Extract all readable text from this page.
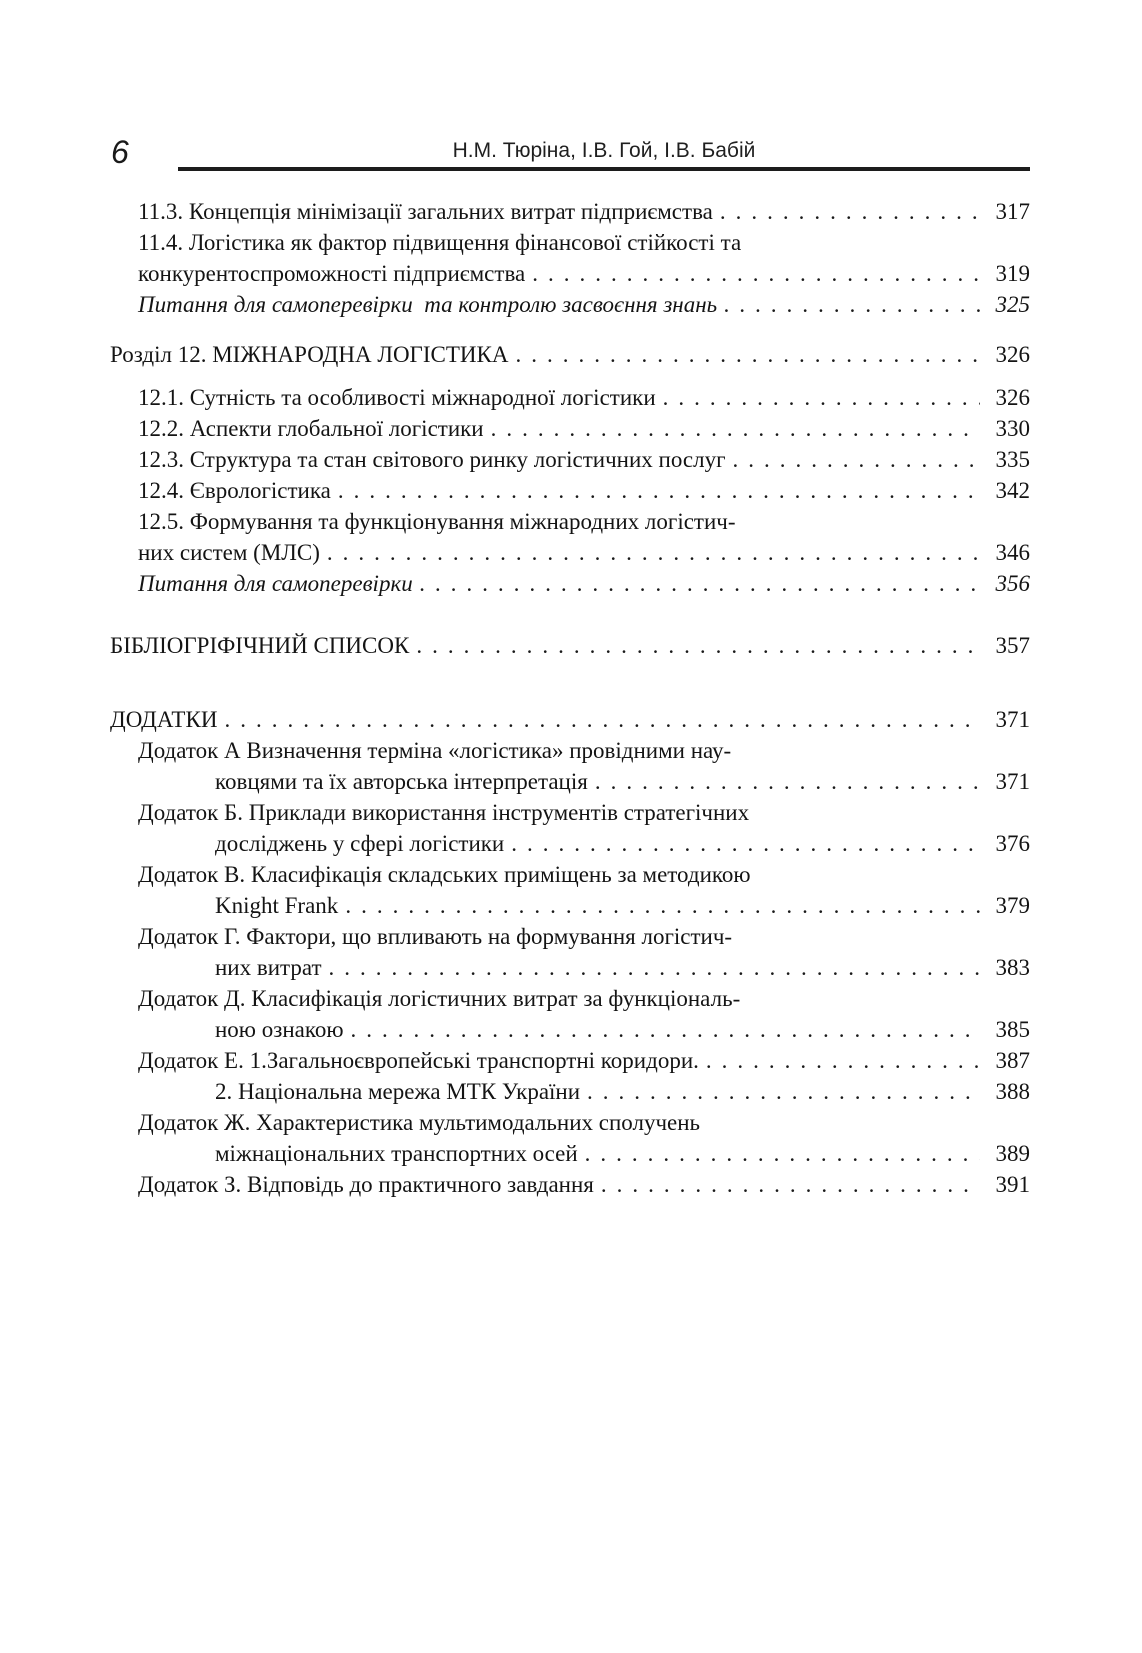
6	Н.М. Тюріна, І.В. Гой, І.В. Бабій
11.3. Концепція мінімізації загальних витрат підприємства .....	317
11.4. Логістика як фактор підвищення фінансової стійкості та
конкурентоспроможності підприємства .....	319
Питання для самоперевірки  та контролю засвоєння знань .....	325
Розділ 12. МІЖНАРОДНА ЛОГІСТИКА .....	326
12.1. Сутність та особливості міжнародної логістики .....	326
12.2. Аспекти глобальної логістики .....	330
12.3. Структура та стан світового ринку логістичних послуг .....	335
12.4. Єврологістика .....	342
12.5. Формування та функціонування міжнародних логістич-
них систем (МЛС) .....	346
Питання для самоперевірки .....	356
БІБЛІОГРІФІЧНИЙ СПИСОК .....	357
ДОДАТКИ .....	371
Додаток А Визначення терміна «логістика» провідними нау-
ковцями та їх авторська інтерпретація .....	371
Додаток Б. Приклади використання інструментів стратегічних
досліджень у сфері логістики .....	376
Додаток В. Класифікація складських приміщень за методикою
Knight Frank .....	379
Додаток Г. Фактори, що впливають на формування логістич-
них витрат .....	383
Додаток Д. Класифікація логістичних витрат за функціональ-
ною ознакою .....	385
Додаток Е. 1.Загальноєвропейські транспортні коридори. .....	387
2. Національна мережа МТК України .....	388
Додаток Ж. Характеристика мультимодальних сполучень
міжнаціональних транспортних осей .....	389
Додаток З. Відповідь до практичного завдання .....	391
